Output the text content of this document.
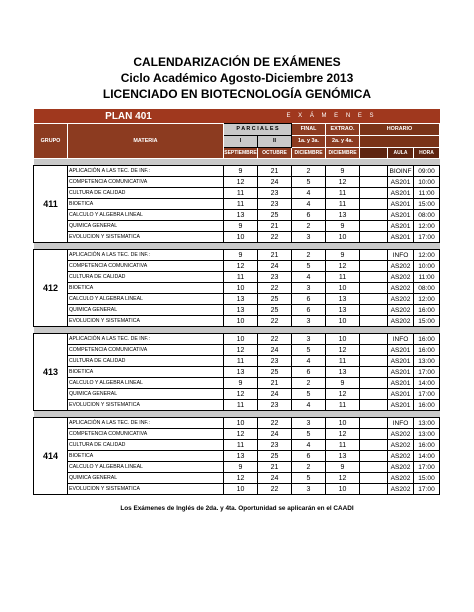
CALENDARIZACIÓN DE EXÁMENES
Ciclo Académico Agosto-Diciembre 2013
LICENCIADO EN BIOTECNOLOGÍA GENÓMICA
PLAN 401		E X Á M E N E S						
GRUPO	MATERIA	P A R C I A L E S		FINAL	EXTRAO.	HORARIO		
		I	II	1a. y 3a.	2a. y 4a.			
		SEPTIEMBRE	OCTUBRE	DICIEMBRE	DICIEMBRE		AULA	HORA

411	APLICACIÓN A LAS TEC. DE INF.:	9	21	2	9		BIOINF	09:00
	COMPETENCIA COMUNICATIVA	12	24	5	12		AS201	10:00
	CULTURA DE CALIDAD	11	23	4	11		AS201	11:00
	BIOETICA	11	23	4	11		AS201	15:00
	CALCULO Y ALGEBRA LINEAL	13	25	6	13		AS201	08:00
	QUIMICA GENERAL	9	21	2	9		AS201	12:00
	EVOLUCION Y SISTEMATICA	10	22	3	10		AS201	17:00

412	APLICACIÓN A LAS TEC. DE INF.:	9	21	2	9		INFO	12:00
	COMPETENCIA COMUNICATIVA	12	24	5	12		AS202	10:00
	CULTURA DE CALIDAD	11	23	4	11		AS202	11:00
	BIOETICA	10	22	3	10		AS202	08:00
	CALCULO Y ALGEBRA LINEAL	13	25	6	13		AS202	12:00
	QUIMICA GENERAL	13	25	6	13		AS202	16:00
	EVOLUCION Y SISTEMATICA	10	22	3	10		AS202	15:00

413	APLICACIÓN A LAS TEC. DE INF.:	10	22	3	10		INFO	16:00
	COMPETENCIA COMUNICATIVA	12	24	5	12		AS201	16:00
	CULTURA DE CALIDAD	11	23	4	11		AS201	13:00
	BIOETICA	13	25	6	13		AS201	17:00
	CALCULO Y ALGEBRA LINEAL	9	21	2	9		AS201	14:00
	QUIMICA GENERAL	12	24	5	12		AS201	17:00
	EVOLUCION Y SISTEMATICA	11	23	4	11		AS201	16:00

414	APLICACIÓN A LAS TEC. DE INF.:	10	22	3	10		INFO	13:00
	COMPETENCIA COMUNICATIVA	12	24	5	12		AS202	13:00
	CULTURA DE CALIDAD	11	23	4	11		AS202	16:00
	BIOETICA	13	25	6	13		AS202	14:00
	CALCULO Y ALGEBRA LINEAL	9	21	2	9		AS202	17:00
	QUIMICA GENERAL	12	24	5	12		AS202	15:00
	EVOLUCION Y SISTEMATICA	10	22	3	10		AS202	17:00
Los Exámenes de Inglés de 2da. y 4ta. Oportunidad se aplicarán en el CAADI
